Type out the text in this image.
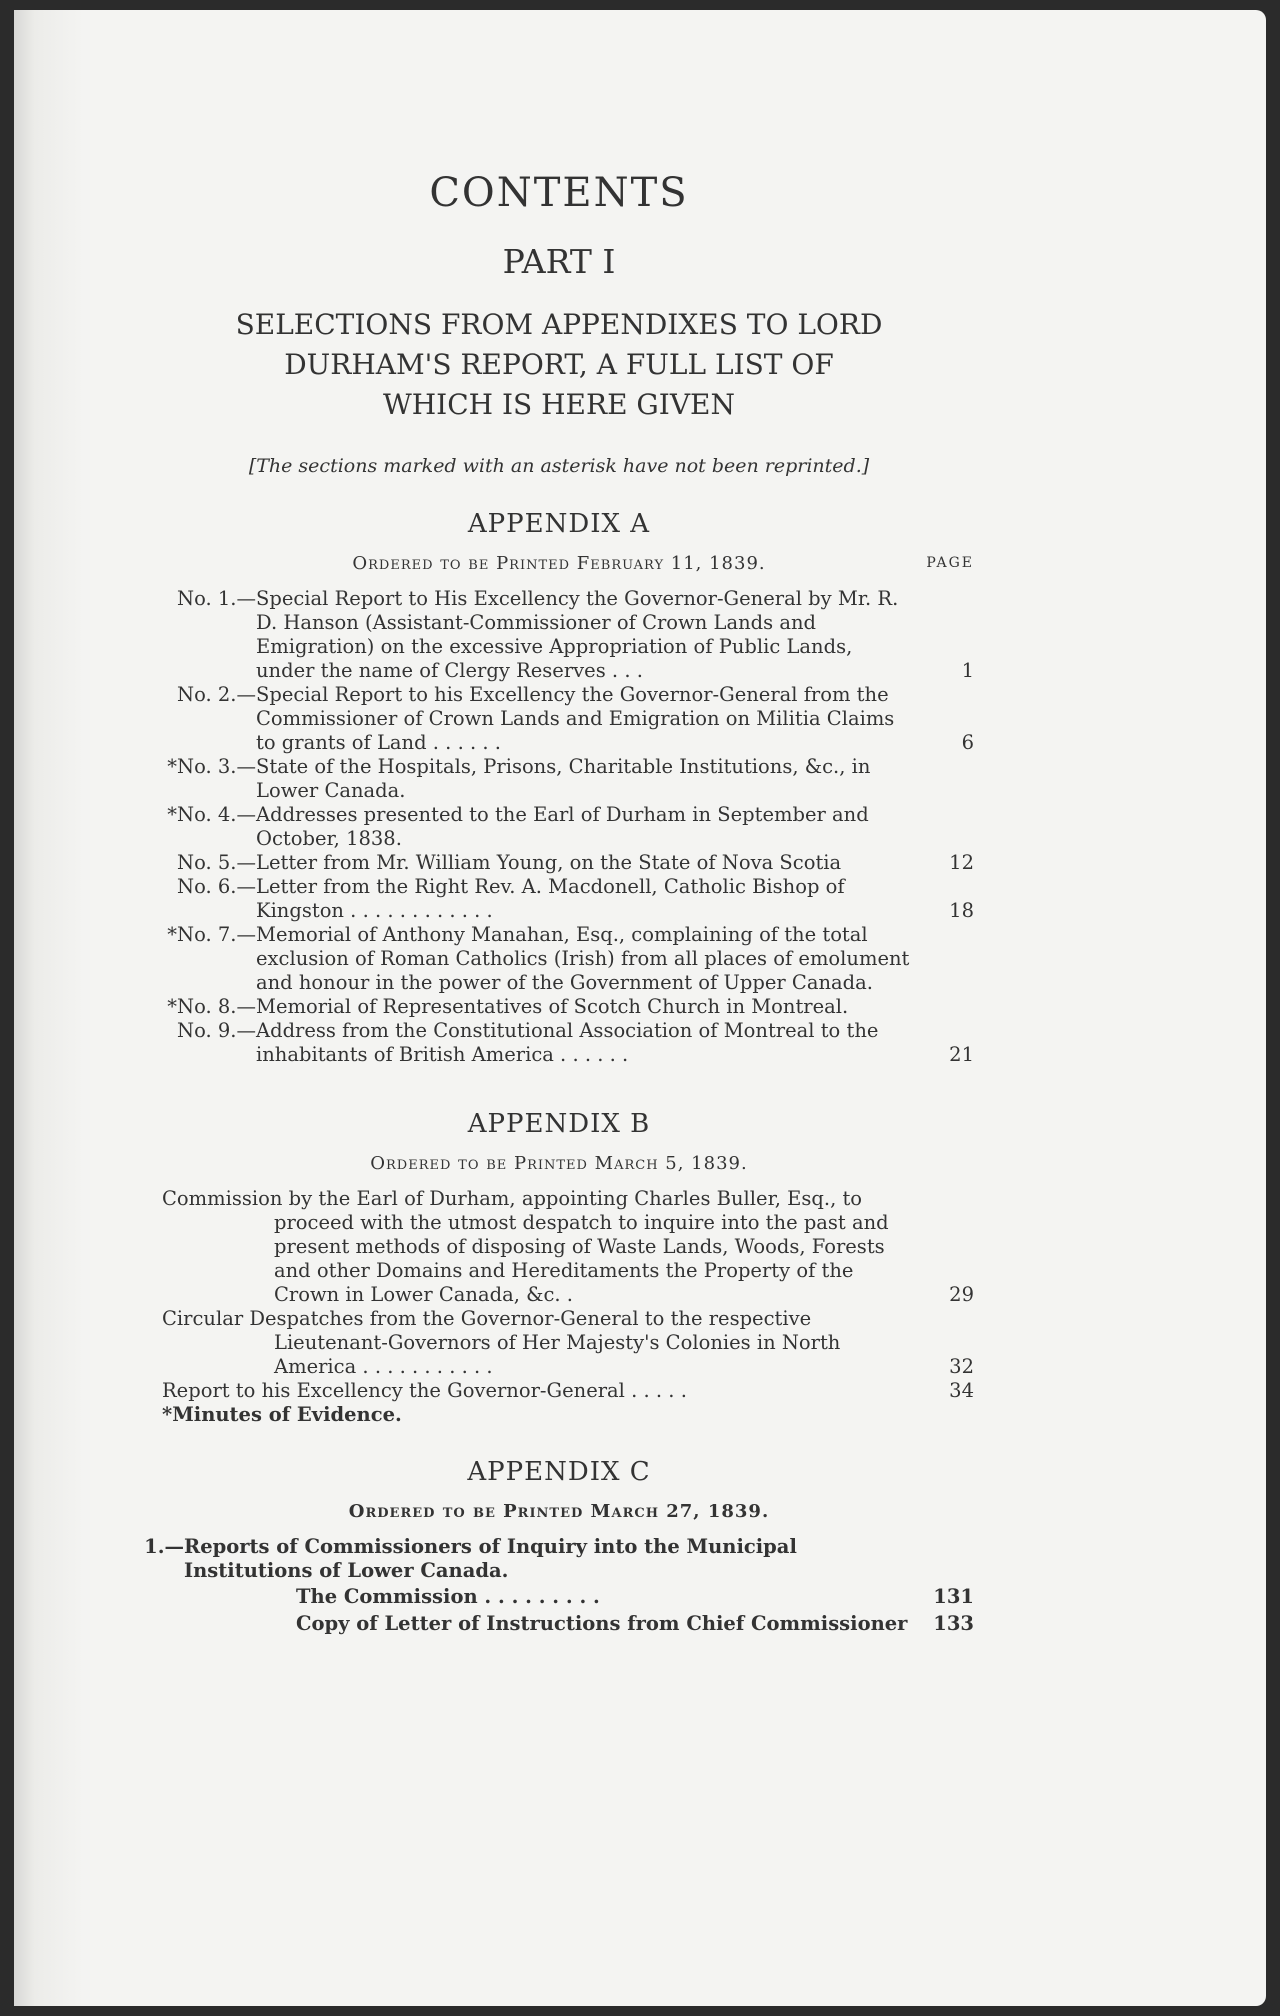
CONTENTS
PART I
SELECTIONS FROM APPENDIXES TO LORD
DURHAM'S REPORT, A FULL LIST OF
WHICH IS HERE GIVEN
[The sections marked with an asterisk have not been reprinted.]
APPENDIX A
Ordered to be Printed February 11, 1839.	PAGE
No. 1.— Special Report to His Excellency the Governor-General by Mr. R. D. Hanson (Assistant-Commissioner of Crown Lands and Emigration) on the excessive Appropriation of Public Lands, under the name of Clergy Reserves . . .	1
No. 2.— Special Report to his Excellency the Governor-General from the Commissioner of Crown Lands and Emigration on Militia Claims to grants of Land . . . . . .	6
*No. 3.— State of the Hospitals, Prisons, Charitable Institutions, &c., in Lower Canada.
*No. 4.— Addresses presented to the Earl of Durham in September and October, 1838.
No. 5.— Letter from Mr. William Young, on the State of Nova Scotia	12
No. 6.— Letter from the Right Rev. A. Macdonell, Catholic Bishop of Kingston . . . . . . . . . . . .	18
*No. 7.— Memorial of Anthony Manahan, Esq., complaining of the total exclusion of Roman Catholics (Irish) from all places of emolument and honour in the power of the Government of Upper Canada.
*No. 8.— Memorial of Representatives of Scotch Church in Montreal.
No. 9.— Address from the Constitutional Association of Montreal to the inhabitants of British America . . . . . .	21
APPENDIX B
Ordered to be Printed March 5, 1839.
Commission by the Earl of Durham, appointing Charles Buller, Esq., to proceed with the utmost despatch to inquire into the past and present methods of disposing of Waste Lands, Woods, Forests and other Domains and Hereditaments the Property of the Crown in Lower Canada, &c. .	29
Circular Despatches from the Governor-General to the respective Lieutenant-Governors of Her Majesty's Colonies in North America . . . . . . . . . . .	32
Report to his Excellency the Governor-General . . . . .	34
*Minutes of Evidence.
APPENDIX C
Ordered to be Printed March 27, 1839.
1.— Reports of Commissioners of Inquiry into the Municipal Institutions of Lower Canada.
The Commission . . . . . . . . .	131
Copy of Letter of Instructions from Chief Commissioner	133
